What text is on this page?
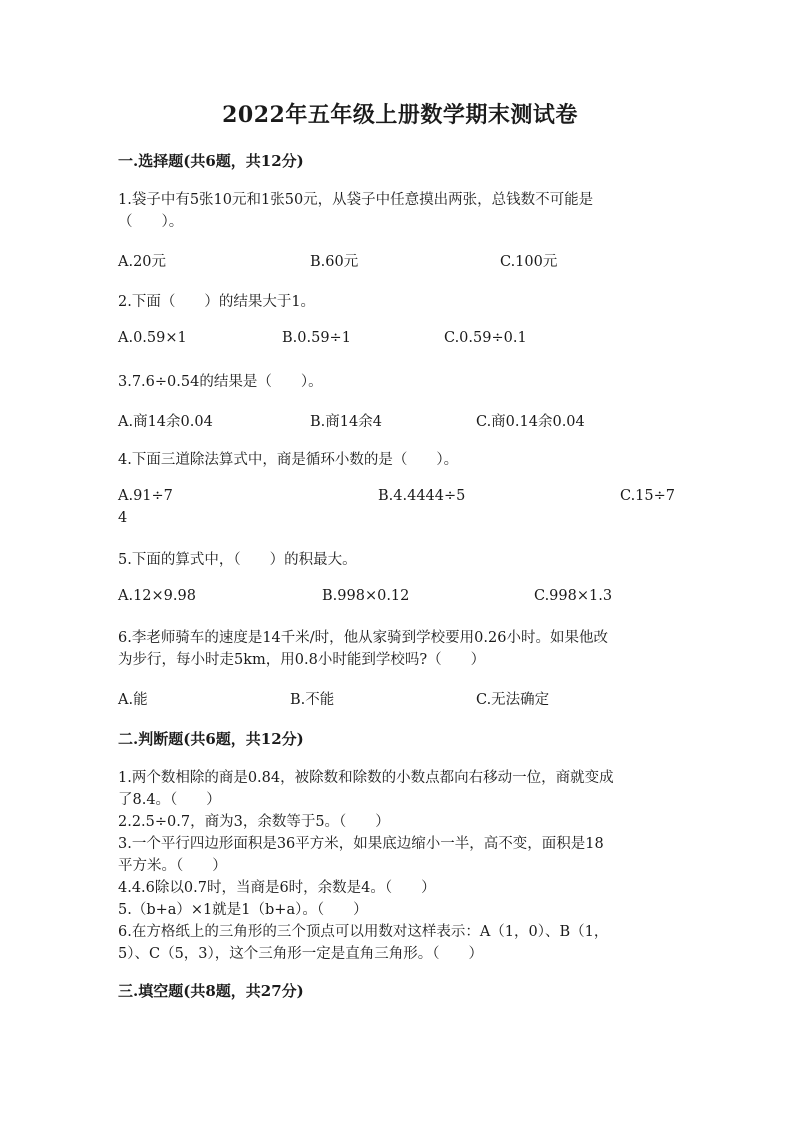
2022年五年级上册数学期末测试卷
一.选择题(共6题，共12分)
1.袋子中有5张10元和1张50元，从袋子中任意摸出两张，总钱数不可能是
（　　）。
A.20元	B.60元	C.100元
2.下面（　　）的结果大于1。
A.0.59×1	B.0.59÷1	C.0.59÷0.1
3.7.6÷0.54的结果是（　　）。
A.商14余0.04	B.商14余4	C.商0.14余0.04
4.下面三道除法算式中，商是循环小数的是（　　）。
A.91÷7	B.4.4444÷5	C.15÷7
4
5.下面的算式中，（　　）的积最大。
A.12×9.98	B.998×0.12	C.998×1.3
6.李老师骑车的速度是14千米/时，他从家骑到学校要用0.26小时。如果他改
为步行，每小时走5km，用0.8小时能到学校吗?（　　）
A.能	B.不能	C.无法确定
二.判断题(共6题，共12分)
1.两个数相除的商是0.84，被除数和除数的小数点都向右移动一位，商就变成
了8.4。（　　）
2.2.5÷0.7，商为3，余数等于5。（　　）
3.一个平行四边形面积是36平方米，如果底边缩小一半，高不变，面积是18
平方米。（　　）
4.4.6除以0.7时，当商是6时，余数是4。（　　）
5.（b+a）×1就是1（b+a）。（　　）
6.在方格纸上的三角形的三个顶点可以用数对这样表示：A（1，0）、B（1，
5）、C（5，3），这个三角形一定是直角三角形。（　　）
三.填空题(共8题，共27分)
